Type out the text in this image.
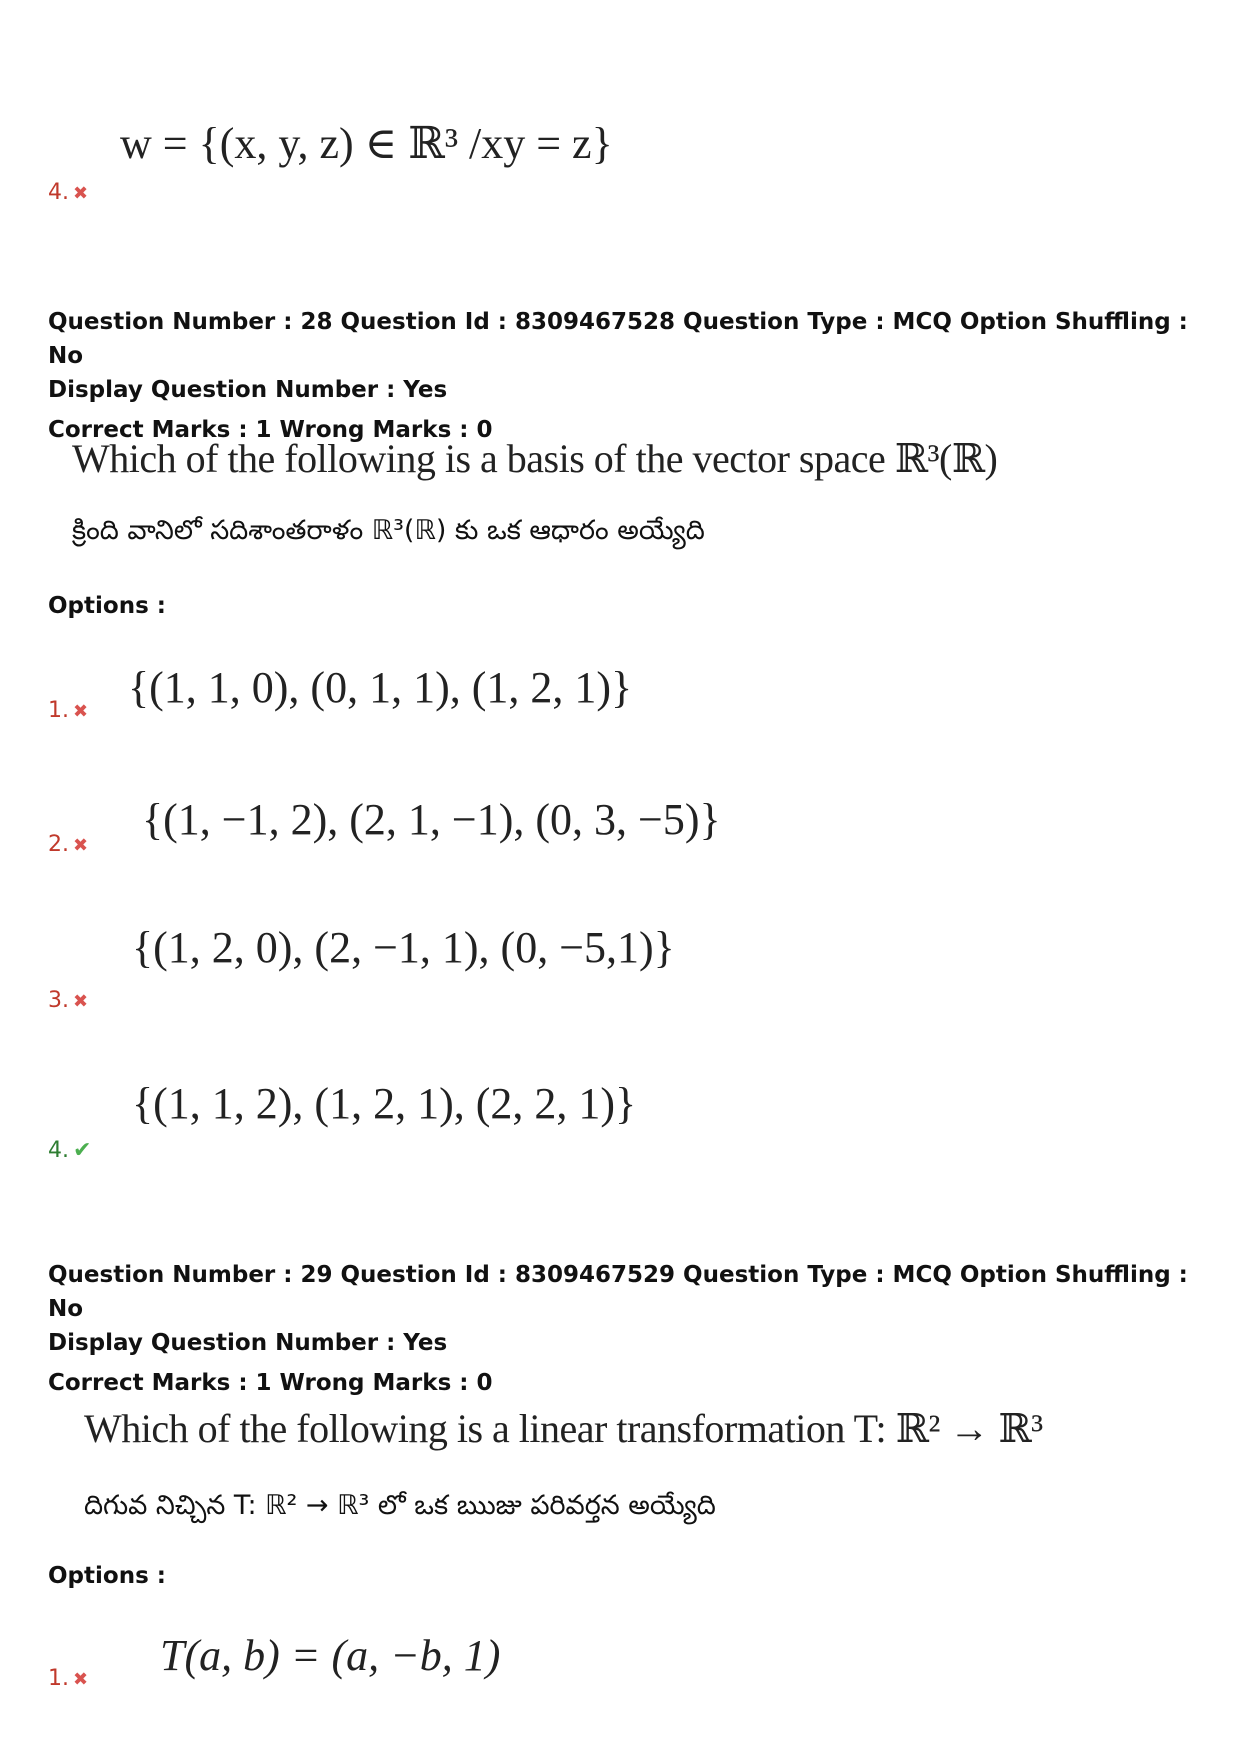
w = {(x, y, z) ∈ ℝ³ /xy = z}
4. ✖
Question Number : 28 Question Id : 8309467528 Question Type : MCQ Option Shuffling : No
Display Question Number : Yes
Correct Marks : 1 Wrong Marks : 0
Which of the following is a basis of the vector space ℝ³(ℝ)
క్రింది వానిలో సదిశాంతరాళం ℝ³(ℝ) కు ఒక ఆధారం అయ్యేది
Options :
{(1, 1, 0), (0, 1, 1), (1, 2, 1)}
1. ✖
{(1, −1, 2), (2, 1, −1), (0, 3, −5)}
2. ✖
{(1, 2, 0), (2, −1, 1), (0, −5,1)}
3. ✖
{(1, 1, 2), (1, 2, 1), (2, 2, 1)}
4. ✔
Question Number : 29 Question Id : 8309467529 Question Type : MCQ Option Shuffling : No
Display Question Number : Yes
Correct Marks : 1 Wrong Marks : 0
Which of the following is a linear transformation T: ℝ² → ℝ³
దిగువ నిచ్చిన T: ℝ² → ℝ³ లో ఒక ఋజు పరివర్తన అయ్యేది
Options :
T(a, b) = (a, −b, 1)
1. ✖
